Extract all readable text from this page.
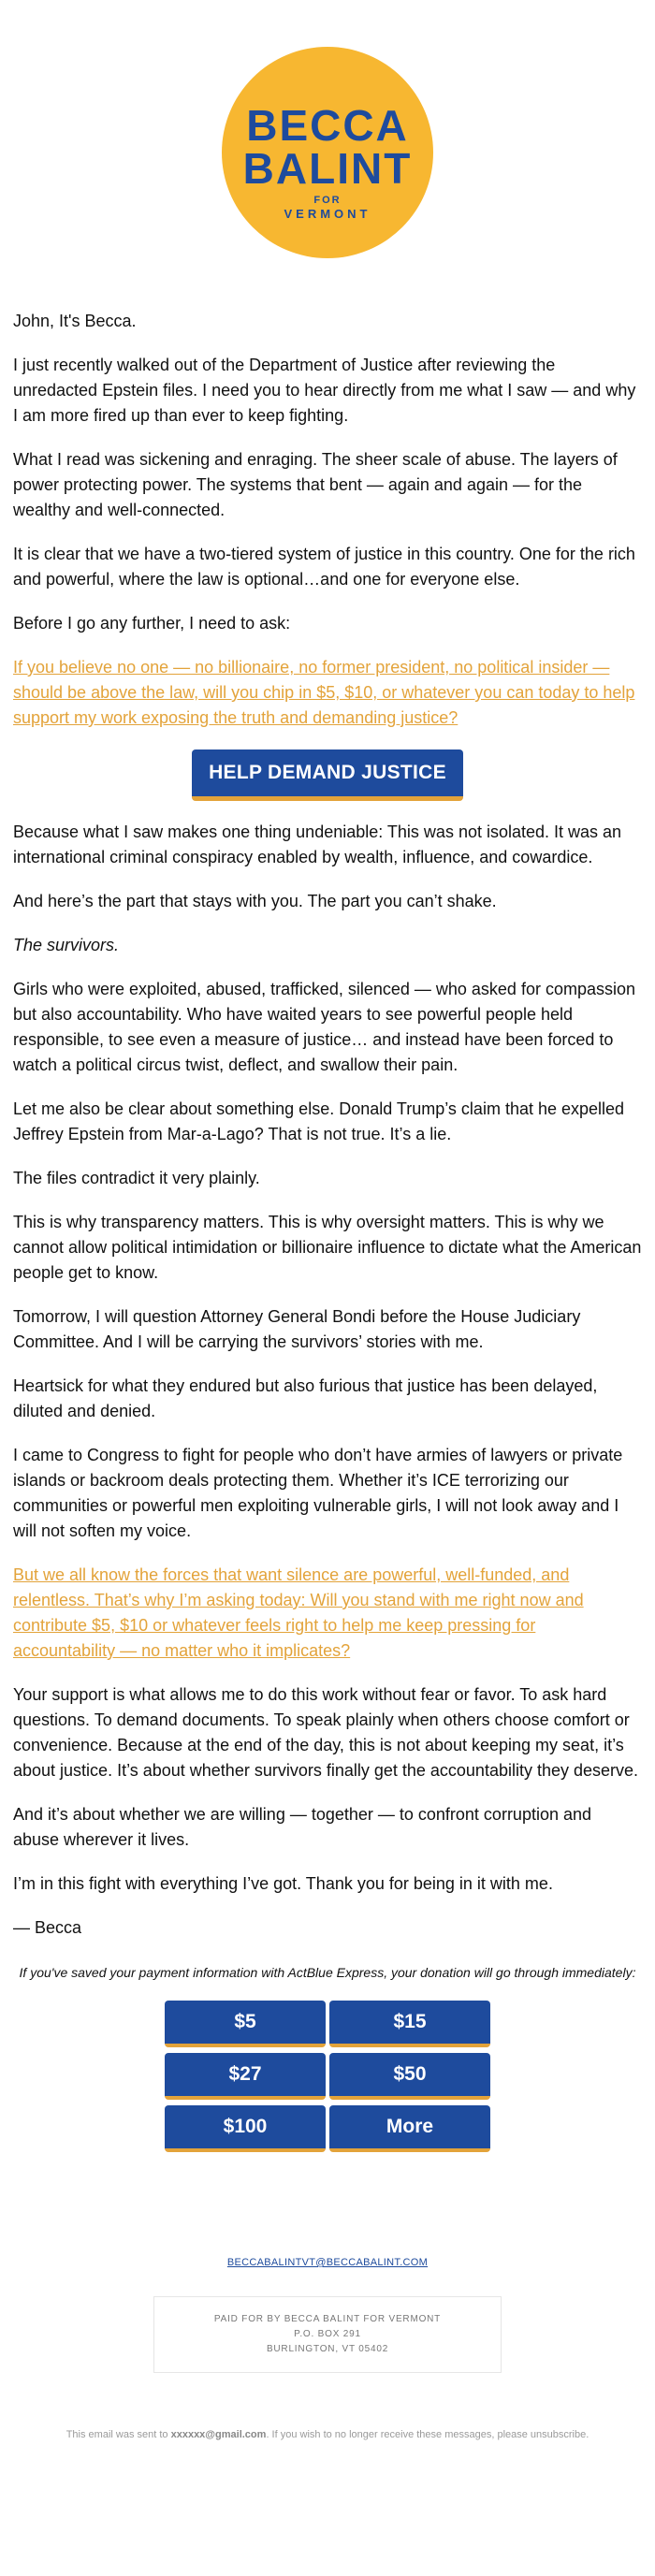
BECCA
BALINT
FOR
VERMONT

John, It's Becca.

I just recently walked out of the Department of Justice after reviewing the unredacted Epstein files. I need you to hear directly from me what I saw — and why I am more fired up than ever to keep fighting.

What I read was sickening and enraging. The sheer scale of abuse. The layers of power protecting power. The systems that bent — again and again — for the wealthy and well-connected.

It is clear that we have a two-tiered system of justice in this country. One for the rich and powerful, where the law is optional…and one for everyone else.

Before I go any further, I need to ask:

If you believe no one — no billionaire, no former president, no political insider — should be above the law, will you chip in $5, $10, or whatever you can today to help support my work exposing the truth and demanding justice?
HELP DEMAND JUSTICE

Because what I saw makes one thing undeniable: This was not isolated. It was an international criminal conspiracy enabled by wealth, influence, and cowardice.

And here’s the part that stays with you. The part you can’t shake.

The survivors.

Girls who were exploited, abused, trafficked, silenced — who asked for compassion but also accountability. Who have waited years to see powerful people held responsible, to see even a measure of justice… and instead have been forced to watch a political circus twist, deflect, and swallow their pain.

Let me also be clear about something else. Donald Trump’s claim that he expelled Jeffrey Epstein from Mar-a-Lago? That is not true. It’s a lie.

The files contradict it very plainly.

This is why transparency matters. This is why oversight matters. This is why we cannot allow political intimidation or billionaire influence to dictate what the American people get to know.

Tomorrow, I will question Attorney General Bondi before the House Judiciary Committee. And I will be carrying the survivors’ stories with me.

Heartsick for what they endured but also furious that justice has been delayed, diluted and denied.

I came to Congress to fight for people who don’t have armies of lawyers or private islands or backroom deals protecting them. Whether it’s ICE terrorizing our communities or powerful men exploiting vulnerable girls, I will not look away and I will not soften my voice.

But we all know the forces that want silence are powerful, well-funded, and relentless. That’s why I’m asking today: Will you stand with me right now and contribute $5, $10 or whatever feels right to help me keep pressing for accountability — no matter who it implicates?

Your support is what allows me to do this work without fear or favor. To ask hard questions. To demand documents. To speak plainly when others choose comfort or convenience. Because at the end of the day, this is not about keeping my seat, it’s about justice. It’s about whether survivors finally get the accountability they deserve.

And it’s about whether we are willing — together — to confront corruption and abuse wherever it lives.

I’m in this fight with everything I’ve got. Thank you for being in it with me.

— Becca

If you've saved your payment information with ActBlue Express, your donation will go through immediately:

$5	$15
$27	$50
$100	More
BECCABALINTVT@BECCABALINT.COM
PAID FOR BY BECCA BALINT FOR VERMONT
P.O. BOX 291
BURLINGTON, VT 05402
This email was sent to xxxxxx@gmail.com. If you wish to no longer receive these messages, please unsubscribe.
